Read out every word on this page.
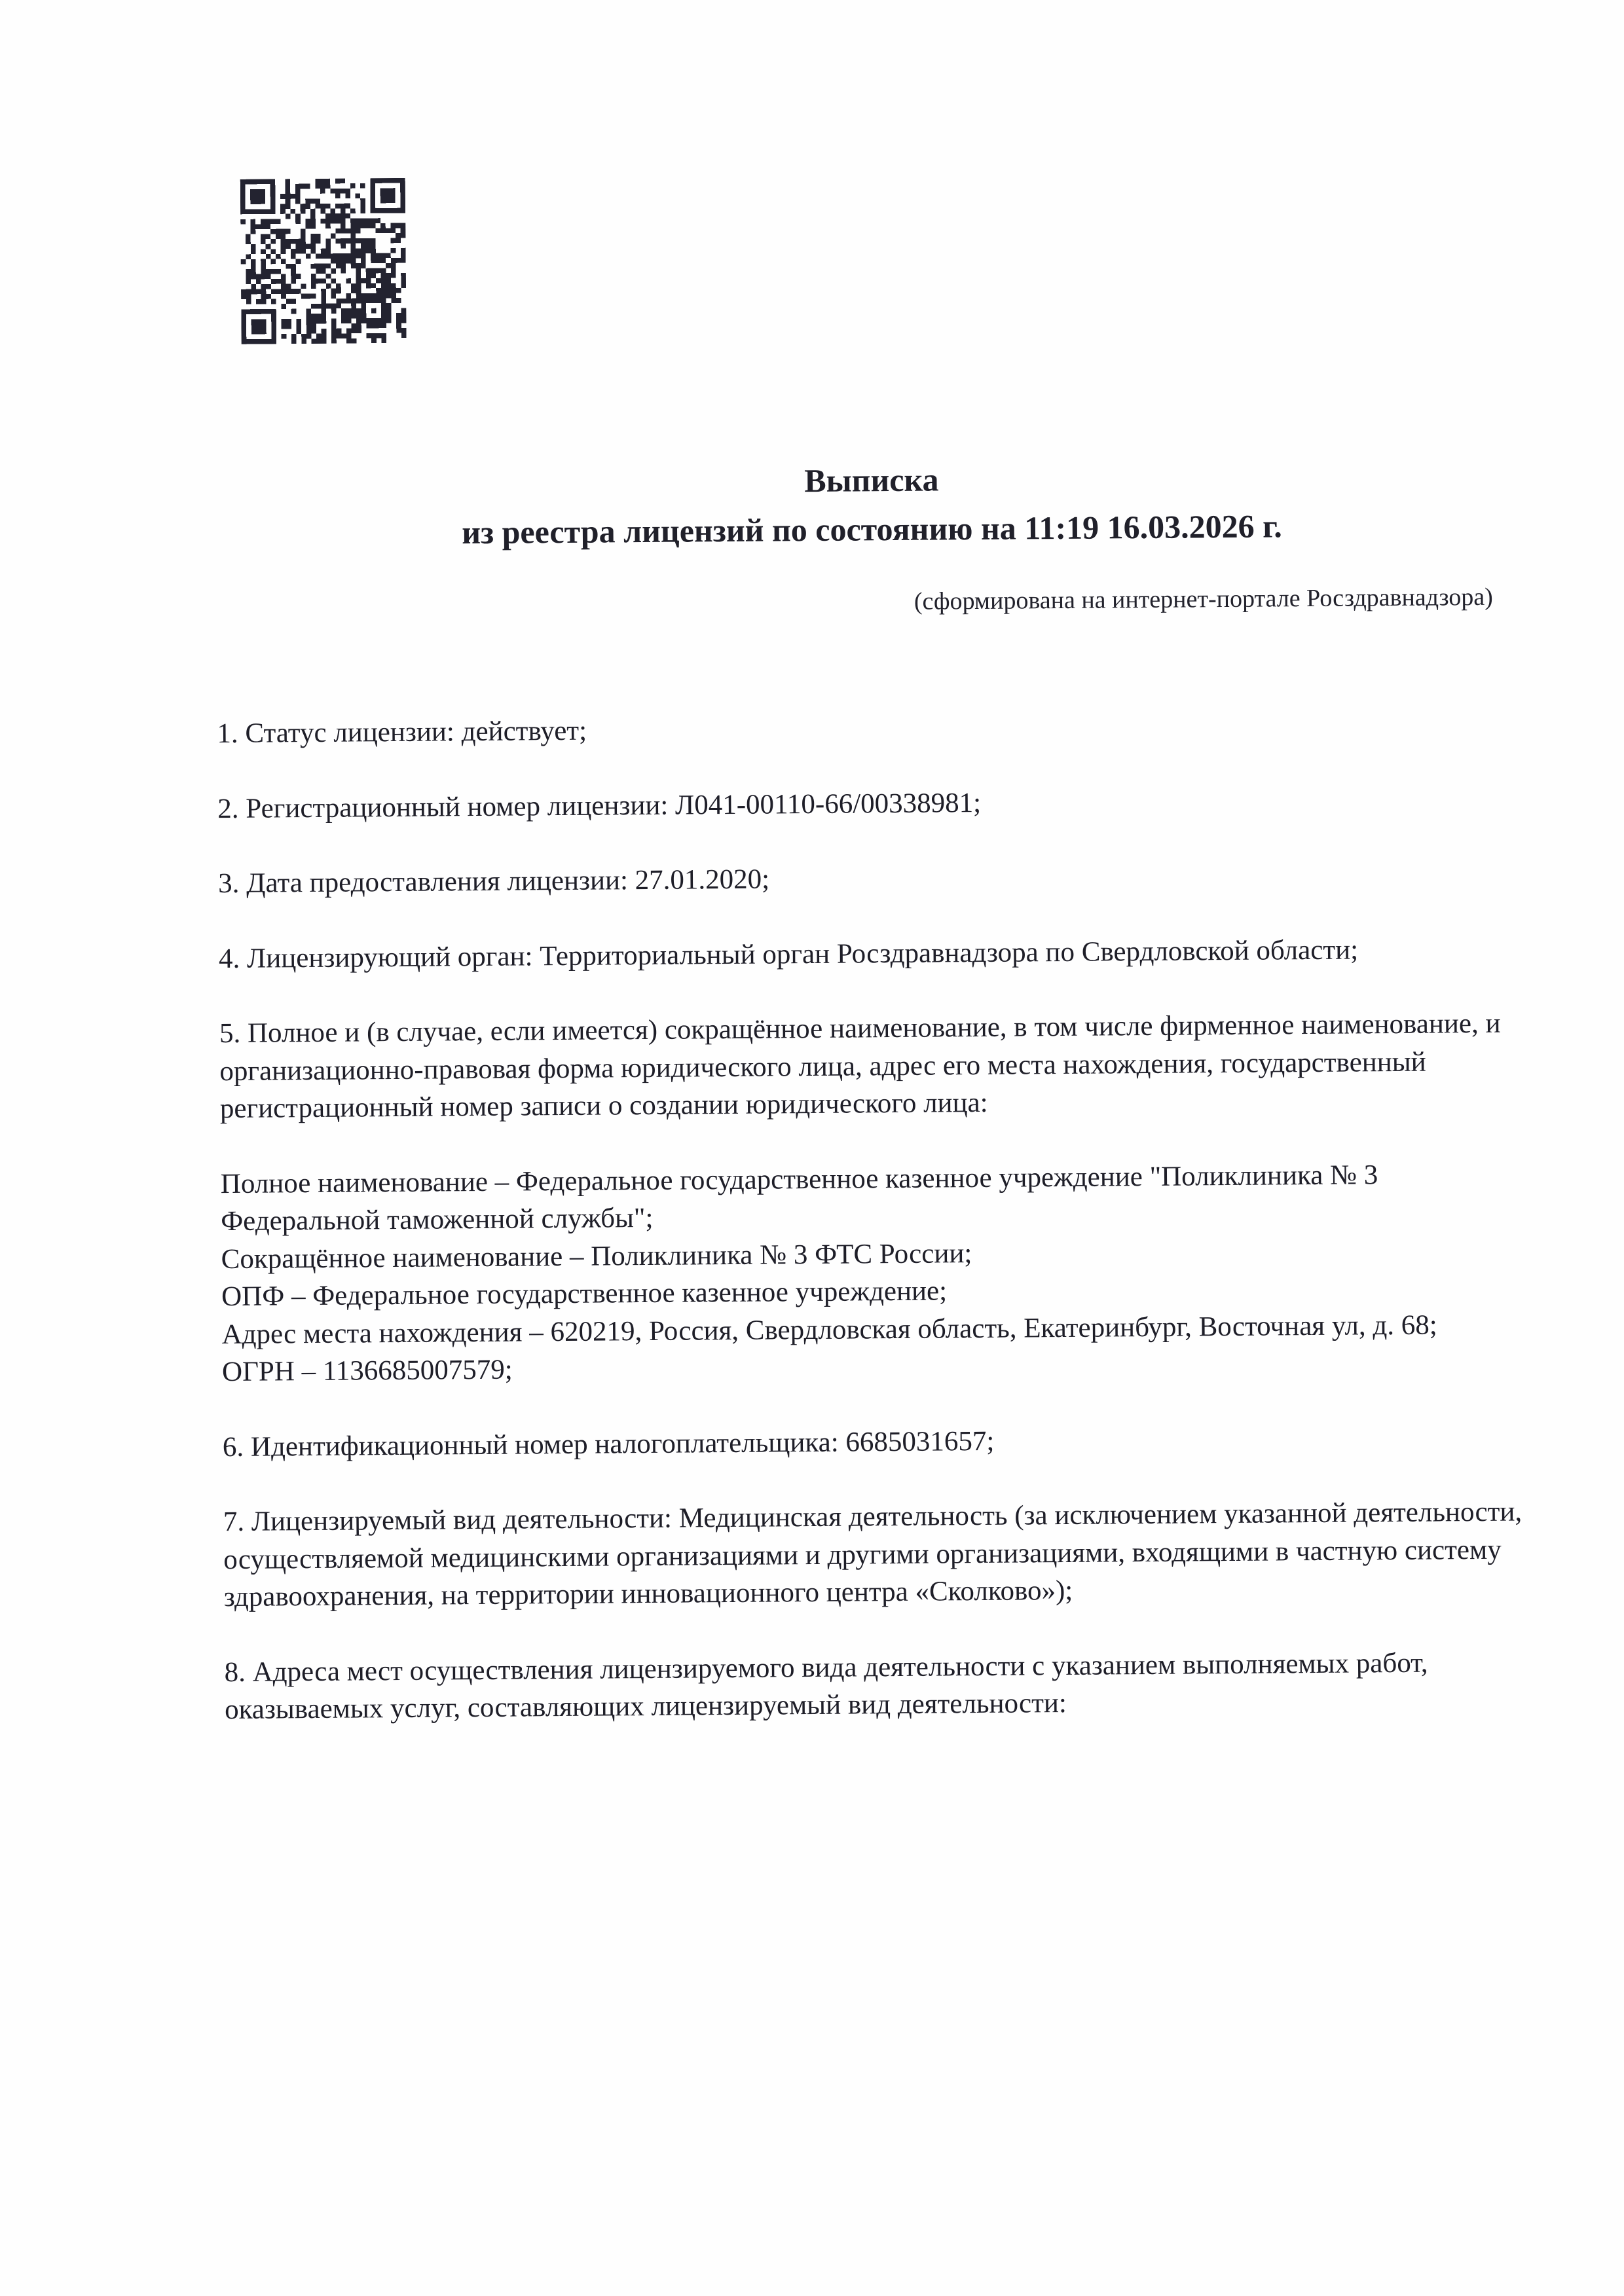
Выписка
из реестра лицензий по состоянию на 11:19 16.03.2026 г.
(сформирована на интернет-портале Росздравнадзора)

1. Статус лицензии: действует;

2. Регистрационный номер лицензии: Л041-00110-66/00338981;

3. Дата предоставления лицензии: 27.01.2020;

4. Лицензирующий орган: Территориальный орган Росздравнадзора по Свердловской области;

5. Полное и (в случае, если имеется) сокращённое наименование, в том числе фирменное наименование, и организационно-правовая форма юридического лица, адрес его места нахождения, государственный регистрационный номер записи о создании юридического лица:

Полное наименование – Федеральное государственное казенное учреждение "Поликлиника № 3 Федеральной таможенной службы";
Сокращённое наименование – Поликлиника № 3 ФТС России;
ОПФ – Федеральное государственное казенное учреждение;
Адрес места нахождения – 620219, Россия, Свердловская область, Екатеринбург, Восточная ул, д. 68;
ОГРН – 1136685007579;

6. Идентификационный номер налогоплательщика: 6685031657;

7. Лицензируемый вид деятельности: Медицинская деятельность (за исключением указанной деятельности, осуществляемой медицинскими организациями и другими организациями, входящими в частную систему здравоохранения, на территории инновационного центра «Сколково»);

8. Адреса мест осуществления лицензируемого вида деятельности с указанием выполняемых работ, оказываемых услуг, составляющих лицензируемый вид деятельности:
